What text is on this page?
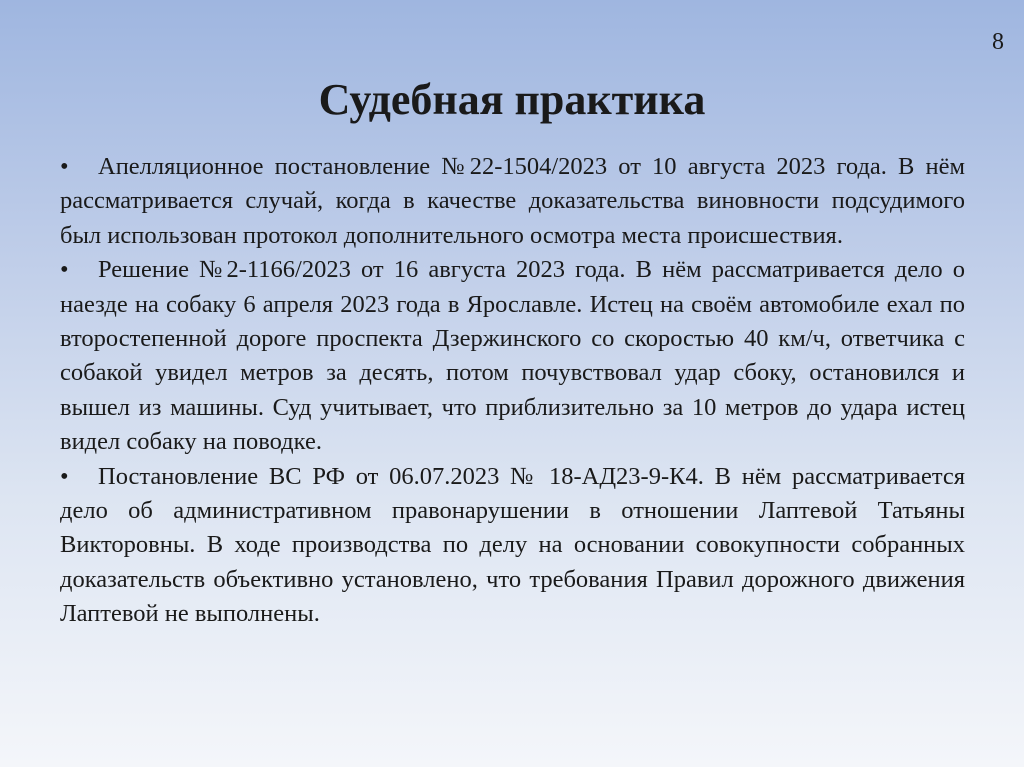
8
Судебная практика

• Апелляционное постановление №22-1504/2023 от 10 августа 2023 года. В нём рассматривается случай, когда в качестве доказательства виновности подсудимого был использован протокол дополнительного осмотра места происшествия.

• Решение №2-1166/2023 от 16 августа 2023 года. В нём рассматривается дело о наезде на собаку 6 апреля 2023 года в Ярославле. Истец на своём автомобиле ехал по второстепенной дороге проспекта Дзержинского со скоростью 40 км/ч, ответчика с собакой увидел метров за десять, потом почувствовал удар сбоку, остановился и вышел из машины. Суд учитывает, что приблизительно за 10 метров до удара истец видел собаку на поводке.

• Постановление ВС РФ от 06.07.2023 № 18-АД23-9-К4. В нём рассматривается дело об административном правонарушении в отношении Лаптевой Татьяны Викторовны. В ходе производства по делу на основании совокупности собранных доказательств объективно установлено, что требования Правил дорожного движения Лаптевой не выполнены.
